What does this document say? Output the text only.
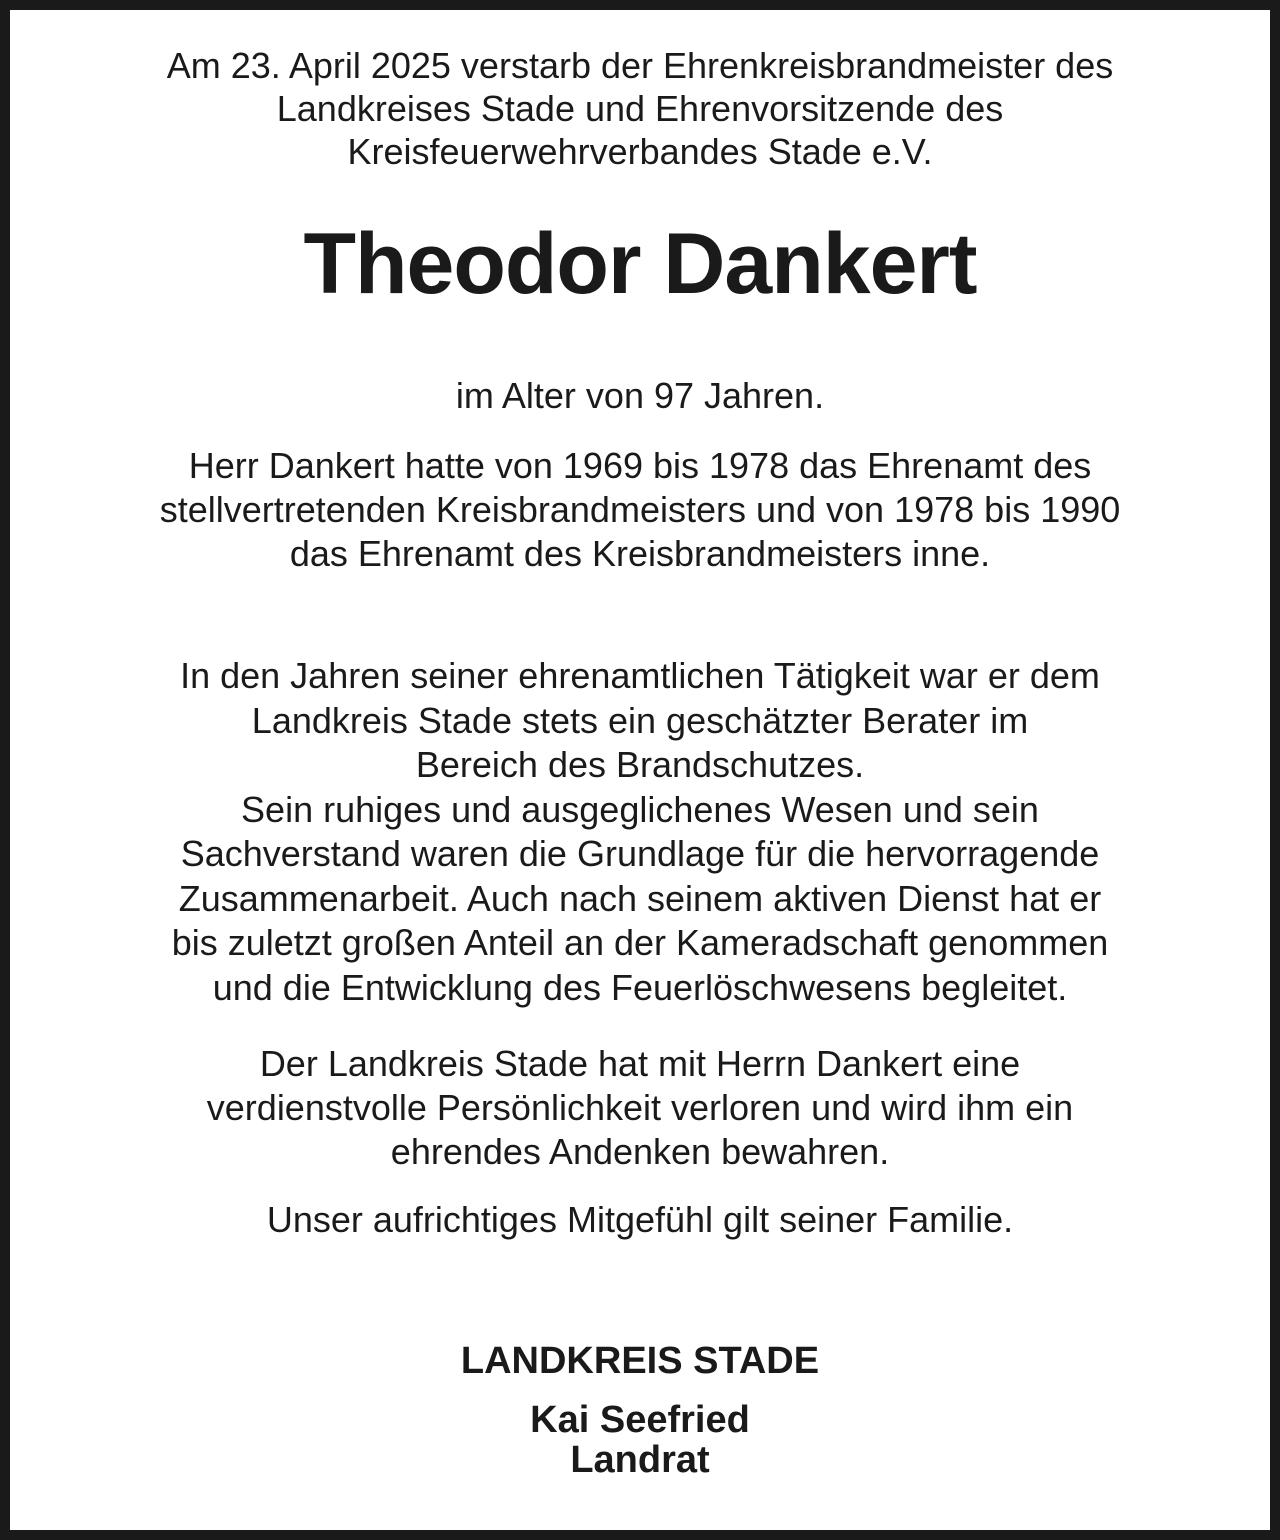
Am 23. April 2025 verstarb der Ehrenkreisbrandmeister des
Landkreises Stade und Ehrenvorsitzende des
Kreisfeuerwehrverbandes Stade e.V.
Theodor Dankert
im Alter von 97 Jahren.
Herr Dankert hatte von 1969 bis 1978 das Ehrenamt des
stellvertretenden Kreisbrandmeisters und von 1978 bis 1990
das Ehrenamt des Kreisbrandmeisters inne.
In den Jahren seiner ehrenamtlichen Tätigkeit war er dem
Landkreis Stade stets ein geschätzter Berater im
Bereich des Brandschutzes.
Sein ruhiges und ausgeglichenes Wesen und sein
Sachverstand waren die Grundlage für die hervorragende
Zusammenarbeit. Auch nach seinem aktiven Dienst hat er
bis zuletzt großen Anteil an der Kameradschaft genommen
und die Entwicklung des Feuerlöschwesens begleitet.
Der Landkreis Stade hat mit Herrn Dankert eine
verdienstvolle Persönlichkeit verloren und wird ihm ein
ehrendes Andenken bewahren.
Unser aufrichtiges Mitgefühl gilt seiner Familie.
LANDKREIS STADE
Kai Seefried
Landrat
